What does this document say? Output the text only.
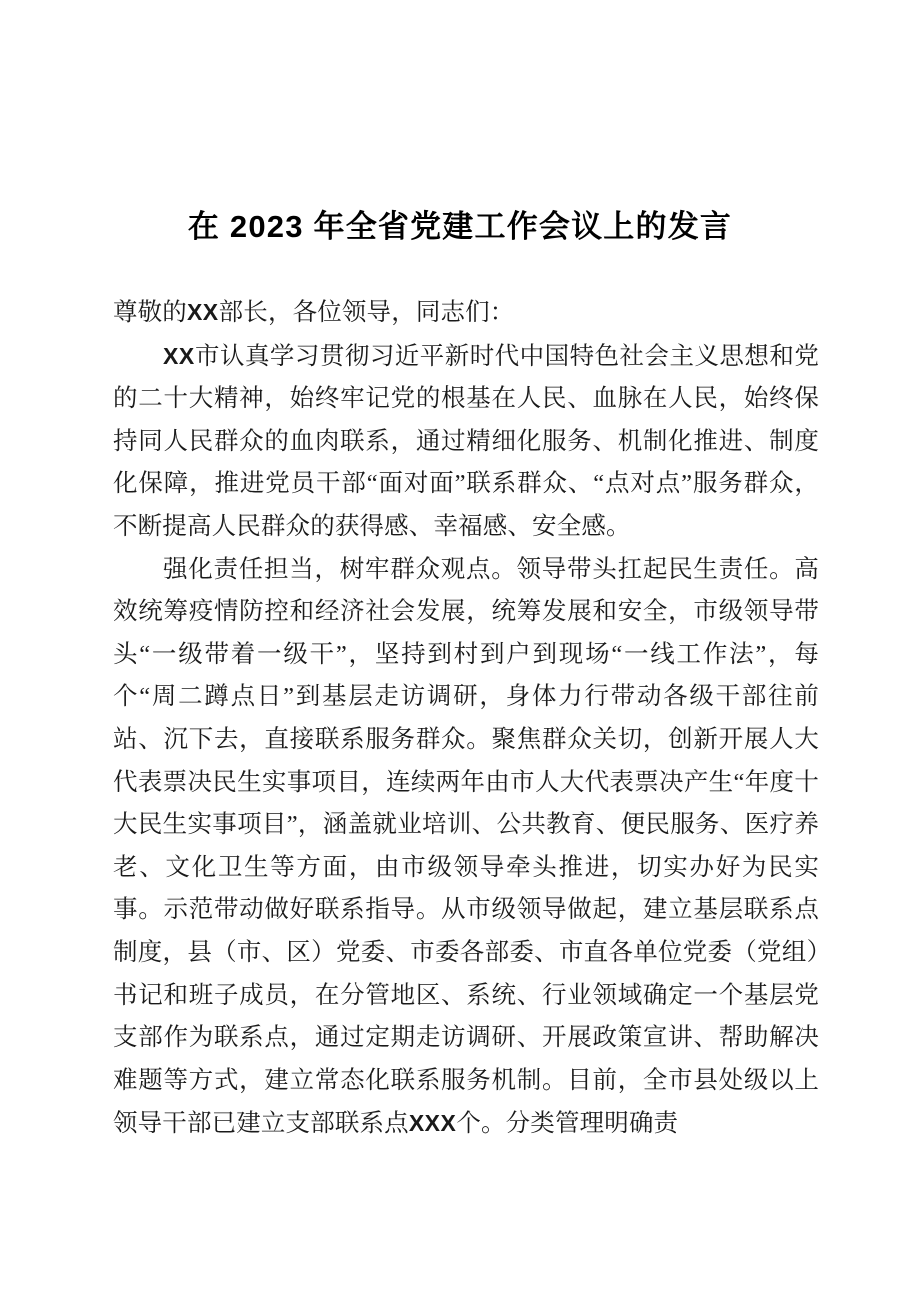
在 2023 年全省党建工作会议上的发言

尊敬的XX部长，各位领导，同志们：

XX市认真学习贯彻习近平新时代中国特色社会主义思想和党的二十大精神，始终牢记党的根基在人民、血脉在人民，始终保持同人民群众的血肉联系，通过精细化服务、机制化推进、制度化保障，推进党员干部“面对面”联系群众、“点对点”服务群众，不断提高人民群众的获得感、幸福感、安全感。

强化责任担当，树牢群众观点。领导带头扛起民生责任。高效统筹疫情防控和经济社会发展，统筹发展和安全，市级领导带头“一级带着一级干”，坚持到村到户到现场“一线工作法”，每个“周二蹲点日”到基层走访调研，身体力行带动各级干部往前站、沉下去，直接联系服务群众。聚焦群众关切，创新开展人大代表票决民生实事项目，连续两年由市人大代表票决产生“年度十大民生实事项目”，涵盖就业培训、公共教育、便民服务、医疗养老、文化卫生等方面，由市级领导牵头推进，切实办好为民实事。示范带动做好联系指导。从市级领导做起，建立基层联系点制度，县（市、区）党委、市委各部委、市直各单位党委（党组）书记和班子成员，在分管地区、系统、行业领域确定一个基层党支部作为联系点，通过定期走访调研、开展政策宣讲、帮助解决难题等方式，建立常态化联系服务机制。目前，全市县处级以上领导干部已建立支部联系点XXX个。分类管理明确责
